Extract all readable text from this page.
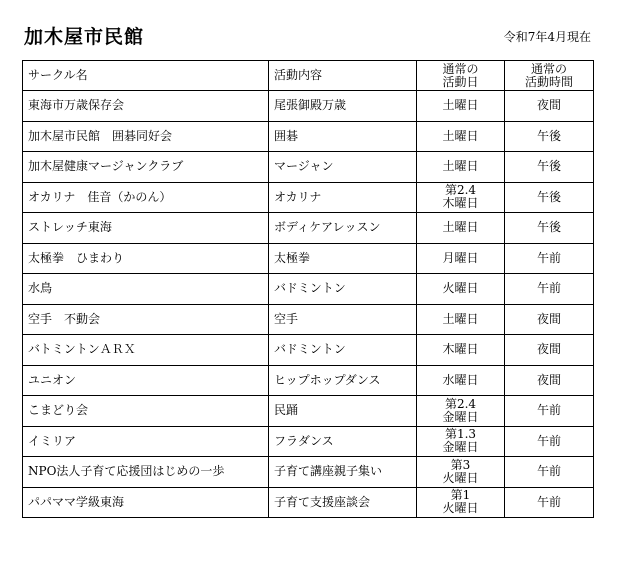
加木屋市民館	令和7年4月現在
サークル名	活動内容	通常の
活動日	通常の
活動時間
東海市万歳保存会	尾張御殿万歳	土曜日	夜間
加木屋市民館　囲碁同好会	囲碁	土曜日	午後
加木屋健康マージャンクラブ	マージャン	土曜日	午後
オカリナ　佳音（かのん）	オカリナ	第2.4
木曜日	午後
ストレッチ東海	ボディケアレッスン	土曜日	午後
太極拳　ひまわり	太極拳	月曜日	午前
水鳥	バドミントン	火曜日	午前
空手　不動会	空手	土曜日	夜間
バトミントンＡＲＸ	バドミントン	木曜日	夜間
ユニオン	ヒップホップダンス	水曜日	夜間
こまどり会	民踊	第2.4
金曜日	午前
イミリア	フラダンス	第1.3
金曜日	午前
NPO法人子育て応援団はじめの一歩	子育て講座親子集い	第3
火曜日	午前
パパママ学級東海	子育て支援座談会	第1
火曜日	午前
